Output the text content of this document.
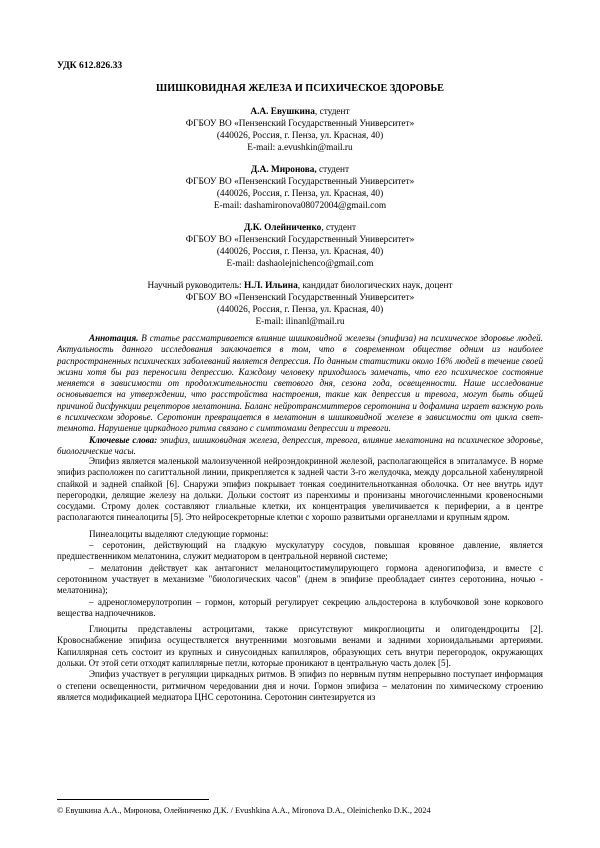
УДК 612.826.33
ШИШКОВИДНАЯ ЖЕЛЕЗА И ПСИХИЧЕСКОЕ ЗДОРОВЬЕ

А.А. Евушкина, студент

ФГБОУ ВО «Пензенский Государственный Университет»

(440026, Россия, г. Пенза, ул. Красная, 40)

E-mail: a.evushkin@mail.ru

Д.А. Миронова, студент

ФГБОУ ВО «Пензенский Государственный Университет»

(440026, Россия, г. Пенза, ул. Красная, 40)

E-mail: dashamironova08072004@gmail.com

Д.К. Олейниченко, студент

ФГБОУ ВО «Пензенский Государственный Университет»

(440026, Россия, г. Пенза, ул. Красная, 40)

E-mail: dashaolejnichenco@gmail.com

Научный руководитель: Н.Л. Ильина, кандидат биологических наук, доцент

ФГБОУ ВО «Пензенский Государственный Университет»

(440026, Россия, г. Пенза, ул. Красная, 40)

E-mail: ilinanl@mail.ru

Аннотация. В статье рассматривается влияние шишковидной железы (эпифиза) на психическое здоровье людей. Актуальность данного исследования заключается в том, что в современном обществе одним из наиболее распространенных психических заболеваний является депрессия. По данным статистики около 16% людей в течение своей жизни хотя бы раз переносили депрессию. Каждому человеку приходилось замечать, что его психическое состояние меняется в зависимости от продолжительности светового дня, сезона года, освещенности. Наше исследование основывается на утверждении, что расстройства настроения, такие как депрессия и тревога, могут быть общей причиной дисфункции рецепторов мелатонина. Баланс нейротрансмиттеров серотонина и дофамина играет важную роль в психическом здоровье. Серотонин превращается в мелатонин в шишковидной железе в зависимости от цикла свет-темнота. Нарушение циркадного ритма связано с симптомами депрессии и тревоги.

Ключевые слова: эпифиз, шишковидная железа, депрессия, тревога, влияние мелатонина на психическое здоровье, биологические часы.

Эпифиз является маленькой малоизученной нейроэндокринной железой, располагающейся в эпиталамусе. В норме эпифиз расположен по сагиттальной линии, прикрепляется к задней части 3-го желудочка, между дорсальной хабенулярной спайкой и задней спайкой [6]. Снаружи эпифиз покрывает тонкая соединительнотканная оболочка. От нее внутрь идут перегородки, делящие железу на дольки. Дольки состоят из паренхимы и пронизаны многочисленными кровеносными сосудами. Строму долек составляют глиальные клетки, их концентрация увеличивается к периферии, а в центре располагаются пинеалоциты [5]. Это нейросекреторные клетки с хорошо развитыми органеллами и крупным ядром.

Пинеалоциты выделяют следующие гормоны:

– серотонин, действующий на гладкую мускулатуру сосудов, повышая кровяное давление, является предшественником мелатонина, служит медиатором в центральной нервной системе;

– мелатонин действует как антагонист меланоцитостимулирующего гормона аденогипофиза, и вместе с серотонином участвует в механизме "биологических часов" (днем в эпифизе преобладает синтез серотонина, ночью - мелатонина);

– адреногломерулотропин – гормон, который регулирует секрецию альдостерона в клубочковой зоне коркового вещества надпочечников.

Глиоциты представлены астроцитами, также присутствуют микроглиоциты и олигодендроциты [2]. Кровоснабжение эпифиза осуществляется внутренними мозговыми венами и задними хориоидальными артериями. Капиллярная сеть состоит из крупных и синусоидных капилляров, образующих сеть внутри перегородок, окружающих дольки. От этой сети отходят капиллярные петли, которые проникают в центральную часть долек [5].

Эпифиз участвует в регуляции циркадных ритмов. В эпифиз по нервным путям непрерывно поступает информация о степени освещенности, ритмичном чередовании дня и ночи. Гормон эпифиза – мелатонин по химическому строению является модификацией медиатора ЦНС серотонина. Серотонин синтезируется из

© Евушкина А.А., Миронова, Олейниченко Д.К. / Evushkina A.A., Mironova D.A., Oleinichenko D.K., 2024
